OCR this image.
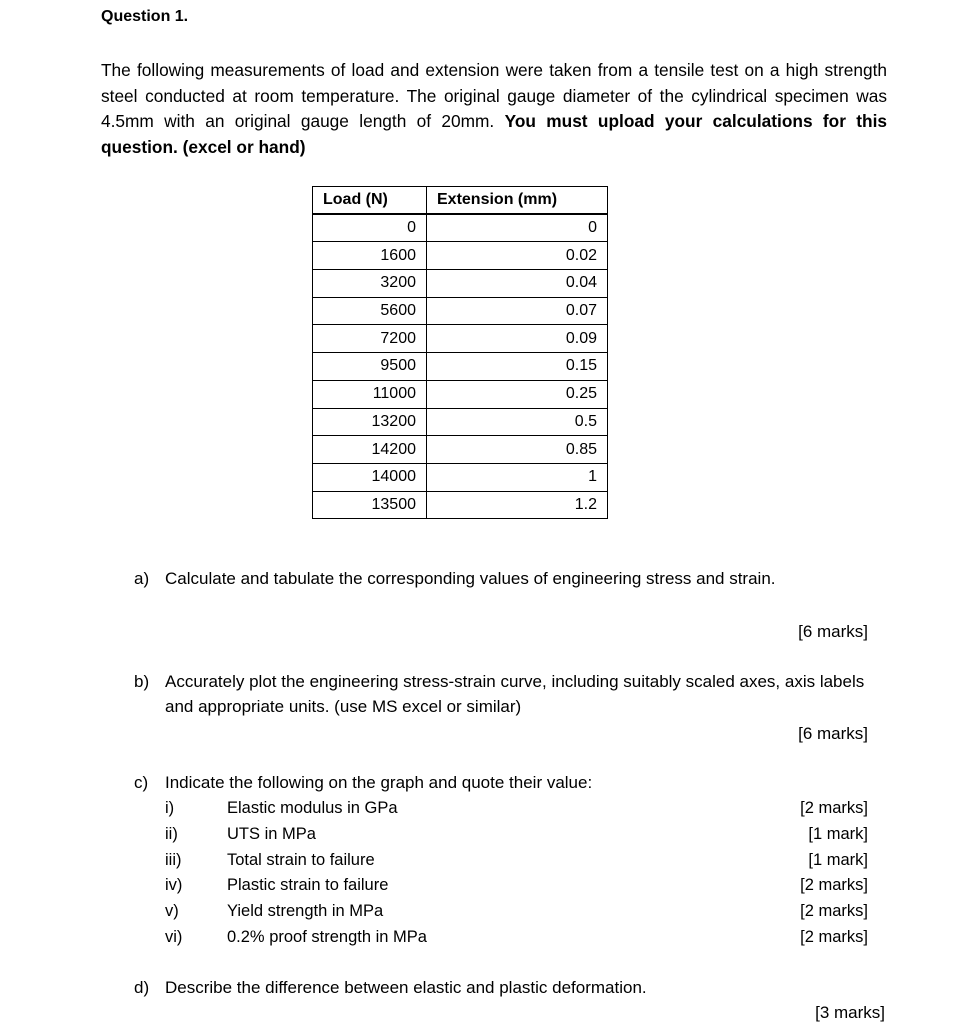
Question 1.
The following measurements of load and extension were taken from a tensile test on a high strength steel conducted at room temperature. The original gauge diameter of the cylindrical specimen was 4.5mm with an original gauge length of 20mm. You must upload your calculations for this question. (excel or hand)
Load (N)	Extension (mm)
0	0
1600	0.02
3200	0.04
5600	0.07
7200	0.09
9500	0.15
11000	0.25
13200	0.5
14200	0.85
14000	1
13500	1.2
a) Calculate and tabulate the corresponding values of engineering stress and strain.
[6 marks]
b) Accurately plot the engineering stress-strain curve, including suitably scaled axes, axis labels and appropriate units. (use MS excel or similar)
[6 marks]
c) Indicate the following on the graph and quote their value:
i)	Elastic modulus in GPa	[2 marks]
ii)	UTS in MPa	[1 mark]
iii)	Total strain to failure	[1 mark]
iv)	Plastic strain to failure	[2 marks]
v)	Yield strength in MPa	[2 marks]
vi)	0.2% proof strength in MPa	[2 marks]
d) Describe the difference between elastic and plastic deformation.
[3 marks]
